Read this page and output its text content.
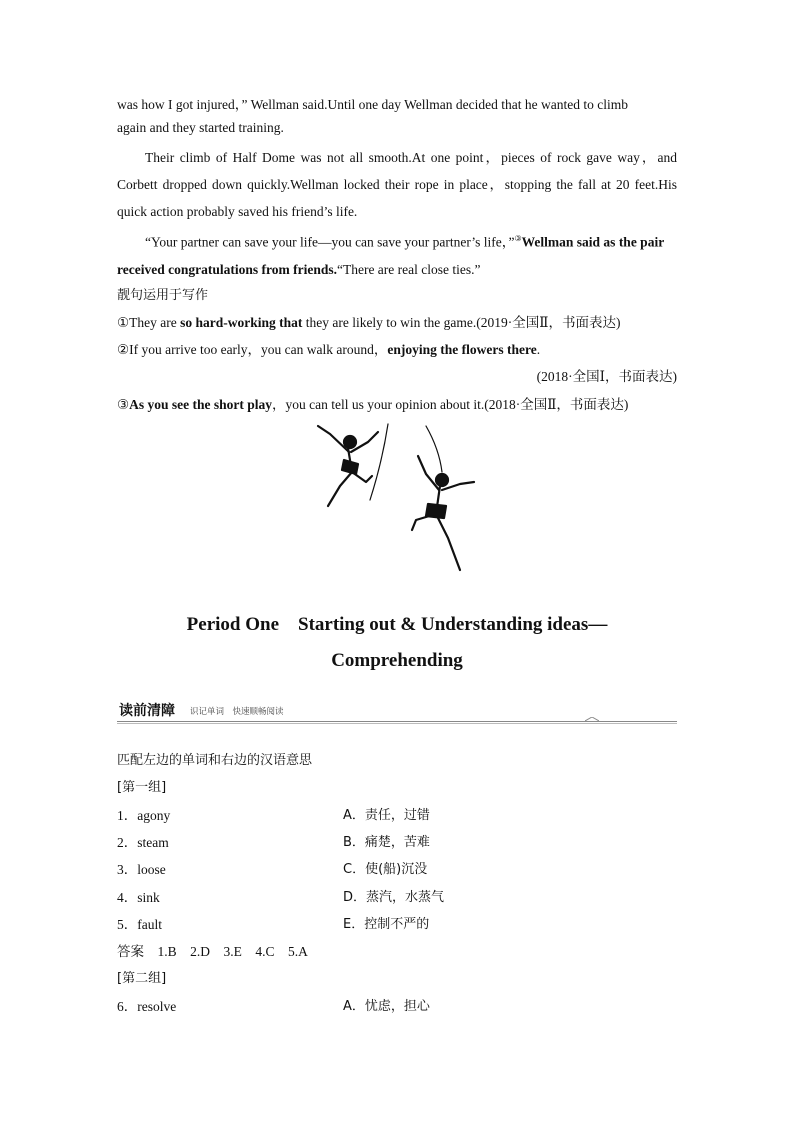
was how I got injured，” Wellman said.Until one day Wellman decided that he wanted to climb
again and they started training.
Their climb of Half Dome was not all smooth.At one point，pieces of rock gave way，and Corbett dropped down quickly.Wellman locked their rope in place，stopping the fall at 20 feet.His quick action probably saved his friend’s life.
“Your partner can save your life—you can save your partner’s life，”③Wellman said as the pair received congratulations from friends.“There are real close ties.”
靓句运用于写作
①They are so hard-working that they are likely to win the game.(2019·全国Ⅱ，书面表达)
②If you arrive too early，you can walk around，enjoying the flowers there.
(2018·全国Ⅰ，书面表达)
③As you see the short play，you can tell us your opinion about it.(2018·全国Ⅱ，书面表达)
Period One　Starting out & Understanding ideas—
Comprehending
读前清障 识记单词　快速顺畅阅读
匹配左边的单词和右边的汉语意思
[第一组]
1．agony	A．责任，过错
2．steam	B．痛楚，苦难
3．loose	C．使(船)沉没
4．sink	D．蒸汽，水蒸气
5．fault	E．控制不严的
答案　1.B　2.D　3.E　4.C　5.A
[第二组]
6．resolve	A．忧虑，担心
